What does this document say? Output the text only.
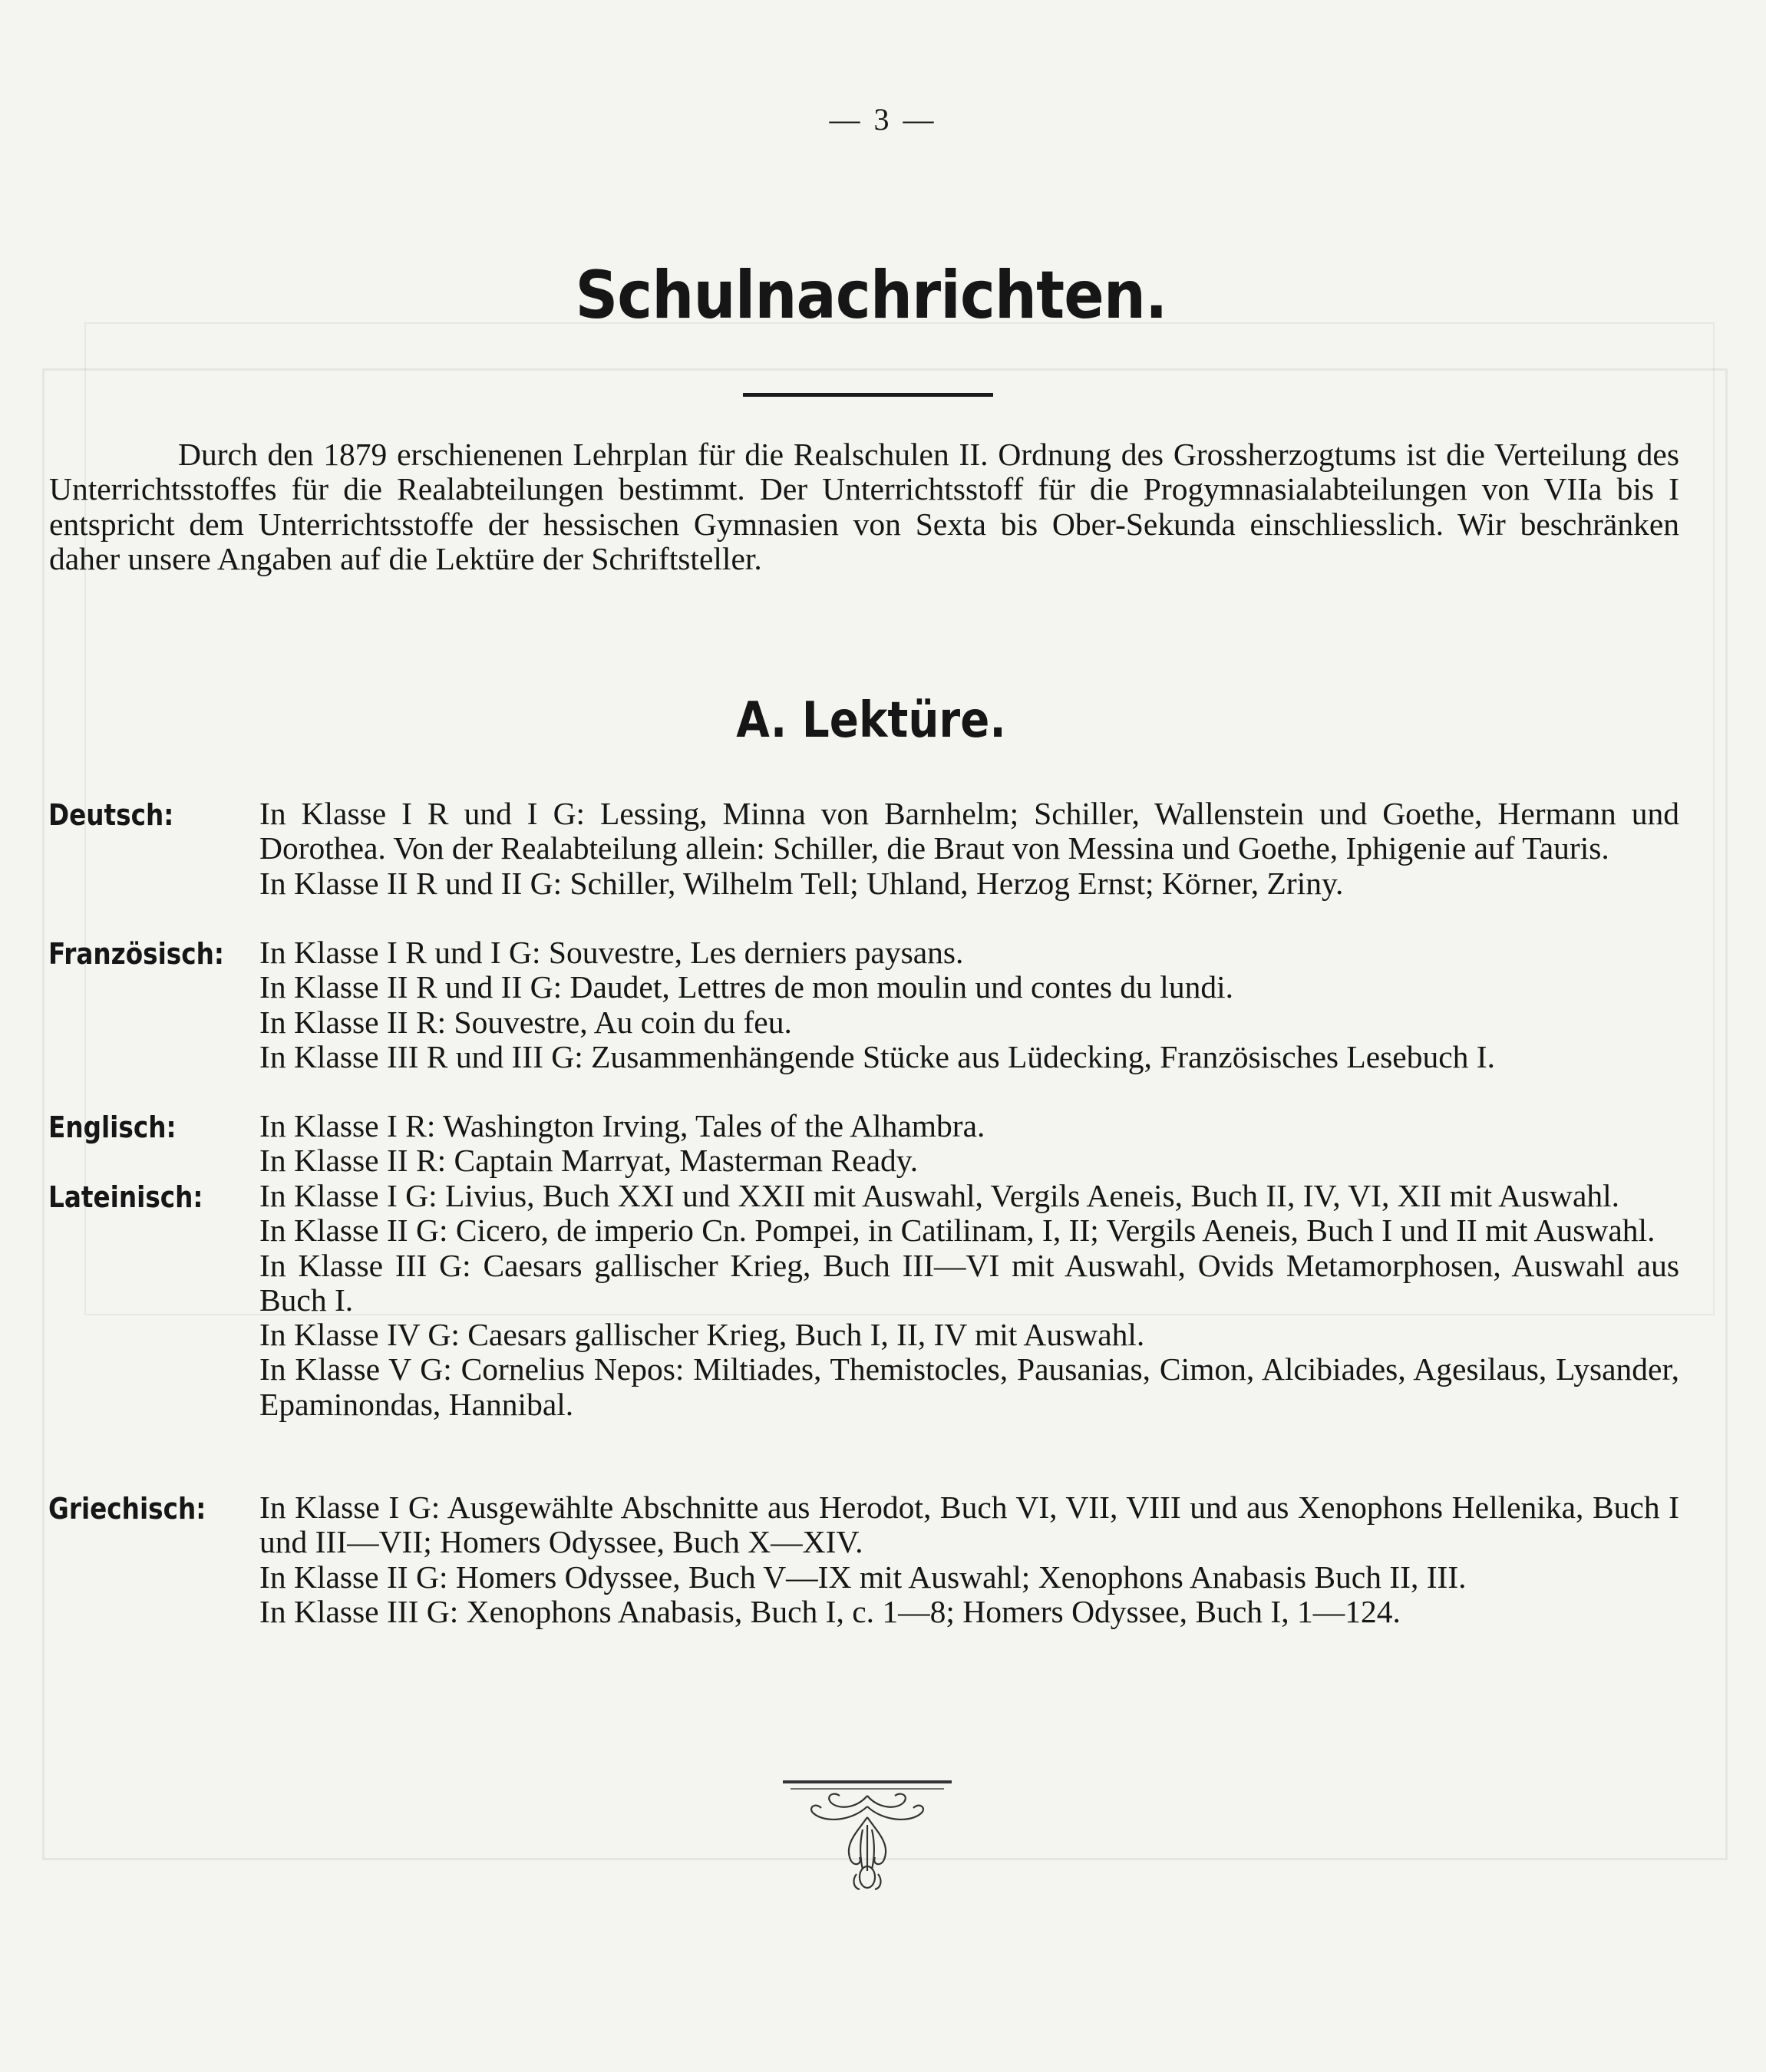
— 3 —
Schulnachrichten.

Durch den 1879 erschienenen Lehrplan für die Realschulen II. Ordnung des Grossherzogtums ist die Verteilung des Unterrichtsstoffes für die Realabteilungen bestimmt. Der Unterrichtsstoff für die Progymnasialabteilungen von VIIa bis I entspricht dem Unterrichtsstoffe der hessischen Gymnasien von Sexta bis Ober-Sekunda einschliesslich. Wir beschränken daher unsere Angaben auf die Lektüre der Schriftsteller.

A. Lektüre.
Deutsch:	In Klasse I R und I G: Lessing, Minna von Barnhelm; Schiller, Wallenstein und Goethe, Hermann und Dorothea. Von der Realabteilung allein: Schiller, die Braut von Messina und Goethe, Iphigenie auf Tauris.
In Klasse II R und II G: Schiller, Wilhelm Tell; Uhland, Herzog Ernst; Körner, Zriny.
Französisch: In Klasse I R und I G: Souvestre, Les derniers paysans.
In Klasse II R und II G: Daudet, Lettres de mon moulin und contes du lundi.
In Klasse II R: Souvestre, Au coin du feu.
In Klasse III R und III G: Zusammenhängende Stücke aus Lüdecking, Französisches Lesebuch I.
Englisch:	In Klasse I R: Washington Irving, Tales of the Alhambra.
In Klasse II R: Captain Marryat, Masterman Ready.
Lateinisch: In Klasse I G: Livius, Buch XXI und XXII mit Auswahl, Vergils Aeneis, Buch II, IV, VI, XII mit Auswahl.
In Klasse II G: Cicero, de imperio Cn. Pompei, in Catilinam, I, II; Vergils Aeneis, Buch I und II mit Auswahl.
In Klasse III G: Caesars gallischer Krieg, Buch III—VI mit Auswahl, Ovids Metamorphosen, Auswahl aus Buch I.
In Klasse IV G: Caesars gallischer Krieg, Buch I, II, IV mit Auswahl.
In Klasse V G: Cornelius Nepos: Miltiades, Themistocles, Pausanias, Cimon, Alcibiades, Agesilaus, Lysander, Epaminondas, Hannibal.
Griechisch: In Klasse I G: Ausgewählte Abschnitte aus Herodot, Buch VI, VII, VIII und aus Xenophons Hellenika, Buch I und III—VII; Homers Odyssee, Buch X—XIV.
In Klasse II G: Homers Odyssee, Buch V—IX mit Auswahl; Xenophons Anabasis Buch II, III.
In Klasse III G: Xenophons Anabasis, Buch I, c. 1—8; Homers Odyssee, Buch I, 1—124.
